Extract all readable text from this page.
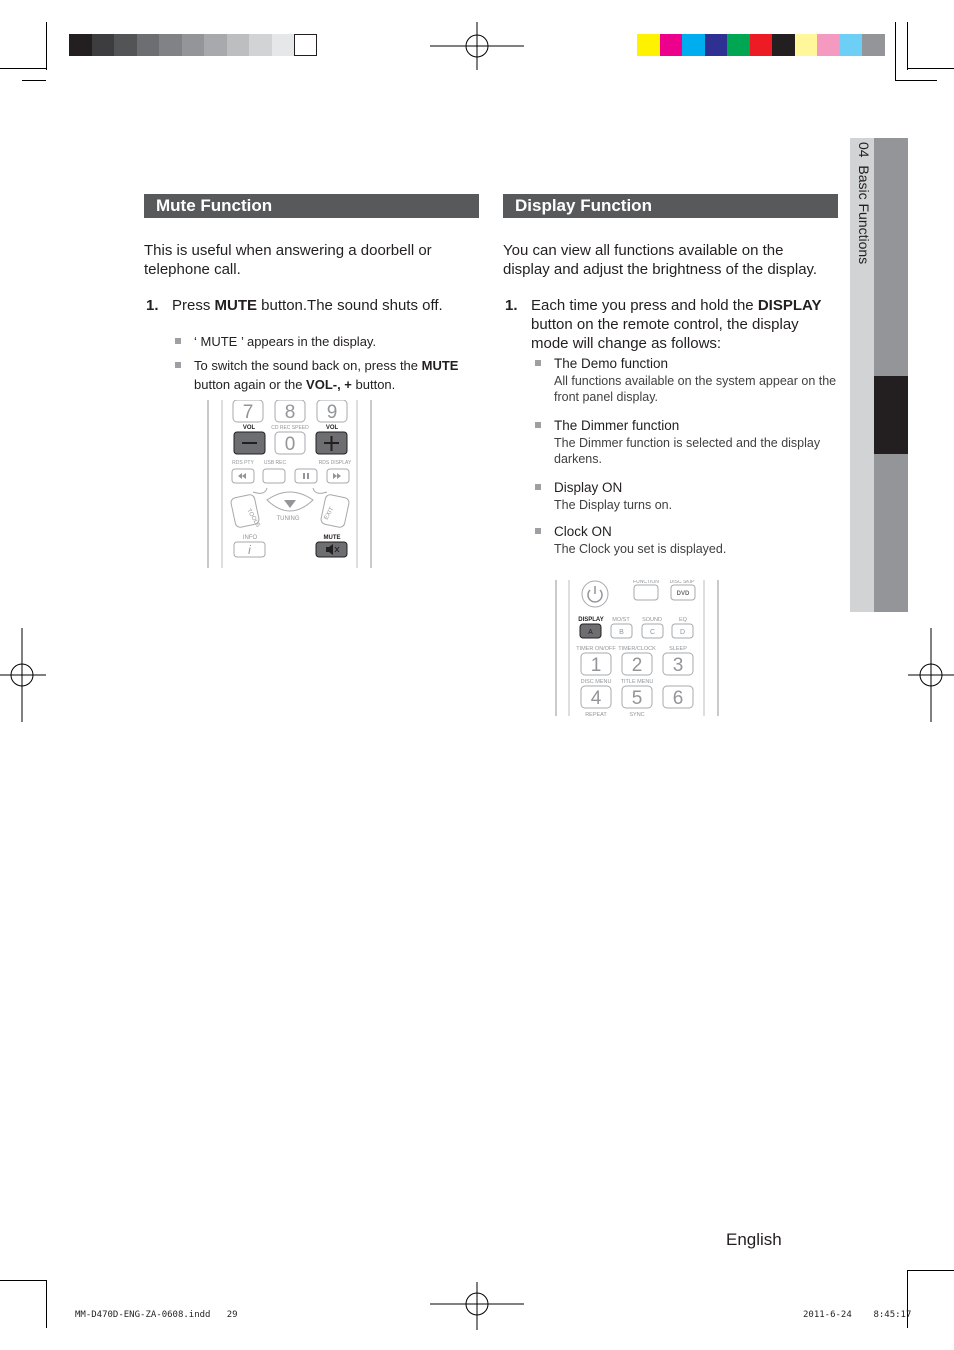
04  Basic Functions
Mute Function
This is useful when answering a doorbell or telephone call.
1. Press MUTE button.The sound shuts off.
‘ MUTE ’ appears in the display.
To switch the sound back on, press the MUTE button again or the VOL-, + button.
7 8 9
VOL	CD REC SPEED	VOL
0
RDS PTY USB REC	RDS DISPLAY
TOOLS	EXIT
TUNING
INFO	MUTE
i
Display Function
You can view all functions available on the display and adjust the brightness of the display.
1. Each time you press and hold the DISPLAY button on the remote control, the display mode will change as follows:
The Demo function
All functions available on the system appear on the front panel display.
The Dimmer function
The Dimmer function is selected and the display darkens.
Display ON
The Display turns on.
Clock ON
The Clock you set is displayed.
FUNCTION DISC SKIP
DVD
DISPLAY MO/ST SOUND	EQ
A	B	C	D
TIMER ON/OFF TIMER/CLOCK SLEEP
1 2 3
DISC MENU TITLE MENU
4 5 6
REPEAT	SYNC
English
MM-D470D-ENG-ZA-0608.indd   29	2011-6-24    8:45:17
